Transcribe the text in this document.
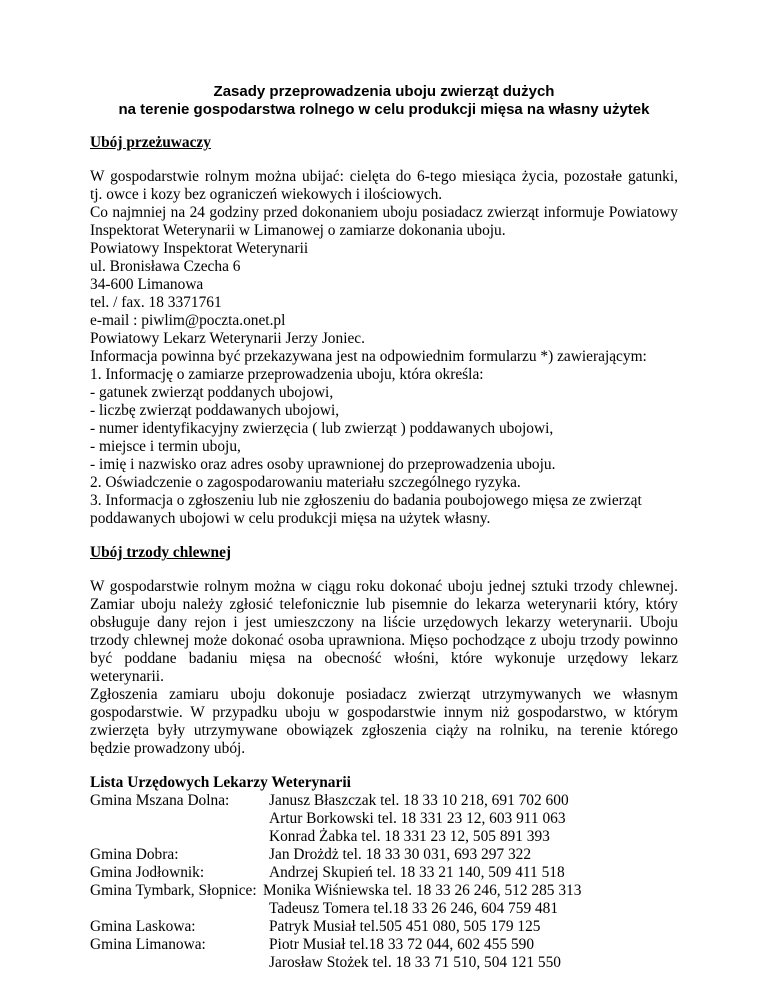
Zasady przeprowadzenia uboju zwierząt dużych
na terenie gospodarstwa rolnego w celu produkcji mięsa na własny użytek
Ubój przeżuwaczy
W gospodarstwie rolnym można ubijać: cielęta do 6-tego miesiąca życia, pozostałe gatunki,
tj. owce i kozy bez ograniczeń wiekowych i ilościowych.
Co najmniej na 24 godziny przed dokonaniem uboju posiadacz zwierząt informuje Powiatowy
Inspektorat Weterynarii w Limanowej o zamiarze dokonania uboju.
Powiatowy Inspektorat Weterynarii
ul. Bronisława Czecha 6
34-600 Limanowa
tel. / fax. 18 3371761
e-mail : piwlim@poczta.onet.pl
Powiatowy Lekarz Weterynarii Jerzy Joniec.
Informacja powinna być przekazywana jest na odpowiednim formularzu *) zawierającym:
1. Informację o zamiarze przeprowadzenia uboju, która określa:
- gatunek zwierząt poddanych ubojowi,
- liczbę zwierząt poddawanych ubojowi,
- numer identyfikacyjny zwierzęcia ( lub zwierząt ) poddawanych ubojowi,
- miejsce i termin uboju,
- imię i nazwisko oraz adres osoby uprawnionej do przeprowadzenia uboju.
2. Oświadczenie o zagospodarowaniu materiału szczególnego ryzyka.
3. Informacja o zgłoszeniu lub nie zgłoszeniu do badania poubojowego mięsa ze zwierząt
poddawanych ubojowi w celu produkcji mięsa na użytek własny.
Ubój trzody chlewnej
W gospodarstwie rolnym można w ciągu roku dokonać uboju jednej sztuki trzody chlewnej.
Zamiar uboju należy zgłosić telefonicznie lub pisemnie do lekarza weterynarii który, który
obsługuje dany rejon i jest umieszczony na liście urzędowych lekarzy weterynarii. Uboju
trzody chlewnej może dokonać osoba uprawniona. Mięso pochodzące z uboju trzody powinno
być poddane badaniu mięsa na obecność włośni, które wykonuje urzędowy lekarz
weterynarii.
Zgłoszenia zamiaru uboju dokonuje posiadacz zwierząt utrzymywanych we własnym
gospodarstwie. W przypadku uboju w gospodarstwie innym niż gospodarstwo, w którym
zwierzęta były utrzymywane obowiązek zgłoszenia ciąży na rolniku, na terenie którego
będzie prowadzony ubój.
Lista Urzędowych Lekarzy Weterynarii
Gmina Mszana Dolna:	Janusz Błaszczak tel. 18 33 10 218, 691 702 600
Artur Borkowski tel. 18 331 23 12, 603 911 063
Konrad Żabka tel. 18 331 23 12, 505 891 393
Gmina Dobra:	Jan Drożdż tel. 18 33 30 031, 693 297 322
Gmina Jodłownik:	Andrzej Skupień tel. 18 33 21 140, 509 411 518
Gmina Tymbark, Słopnice: Monika Wiśniewska tel. 18 33 26 246, 512 285 313
Tadeusz Tomera tel.18 33 26 246, 604 759 481
Gmina Laskowa:	Patryk Musiał tel.505 451 080, 505 179 125
Gmina Limanowa:	Piotr Musiał tel.18 33 72 044, 602 455 590
Jarosław Stożek tel. 18 33 71 510, 504 121 550
